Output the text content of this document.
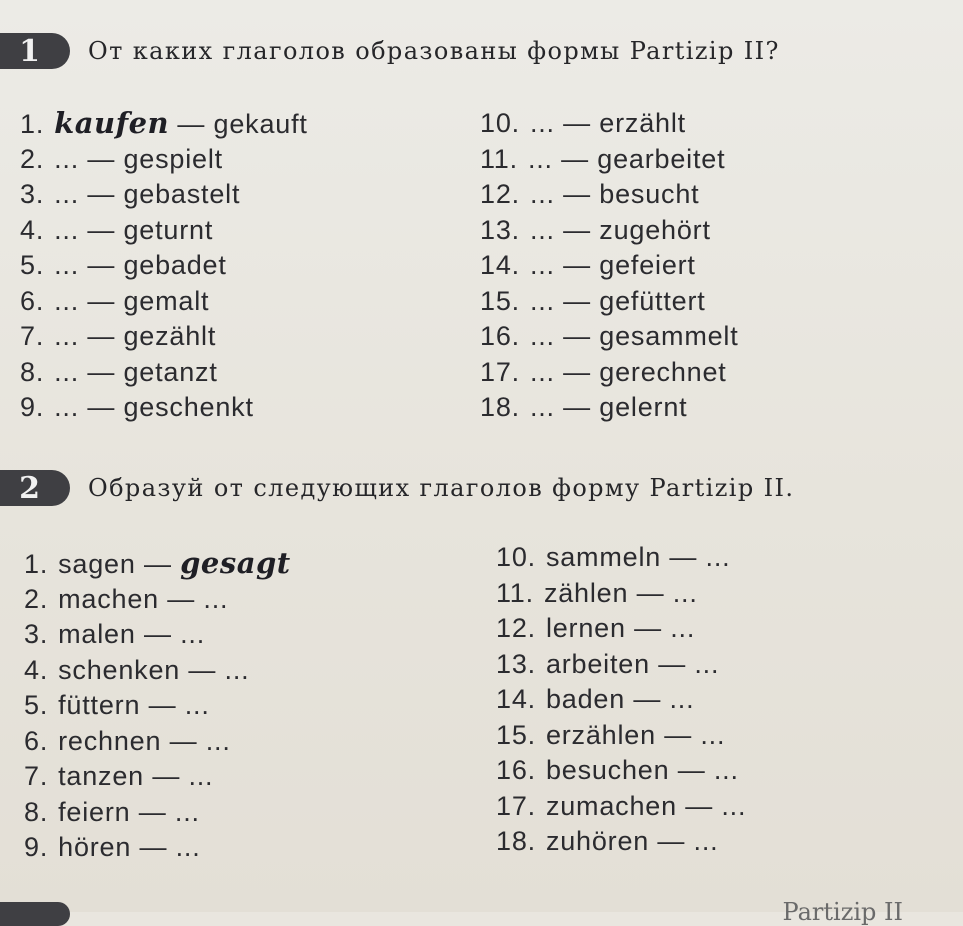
1 От каких глаголов образованы формы Partizip II?
1. kaufen — gekauft
2. ... — gespielt
3. ... — gebastelt
4. ... — geturnt
5. ... — gebadet
6. ... — gemalt
7. ... — gezählt
8. ... — getanzt
9. ... — geschenkt
10. ... — erzählt
11. ... — gearbeitet
12. ... — besucht
13. ... — zugehört
14. ... — gefeiert
15. ... — gefüttert
16. ... — gesammelt
17. ... — gerechnet
18. ... — gelernt
2 Образуй от следующих глаголов форму Partizip II.
1. sagen — gesagt
2. machen — ...
3. malen — ...
4. schenken — ...
5. füttern — ...
6. rechnen — ...
7. tanzen — ...
8. feiern — ...
9. hören — ...
10. sammeln — ...
11. zählen — ...
12. lernen — ...
13. arbeiten — ...
14. baden — ...
15. erzählen — ...
16. besuchen — ...
17. zumachen — ...
18. zuhören — ...
Partizip II
